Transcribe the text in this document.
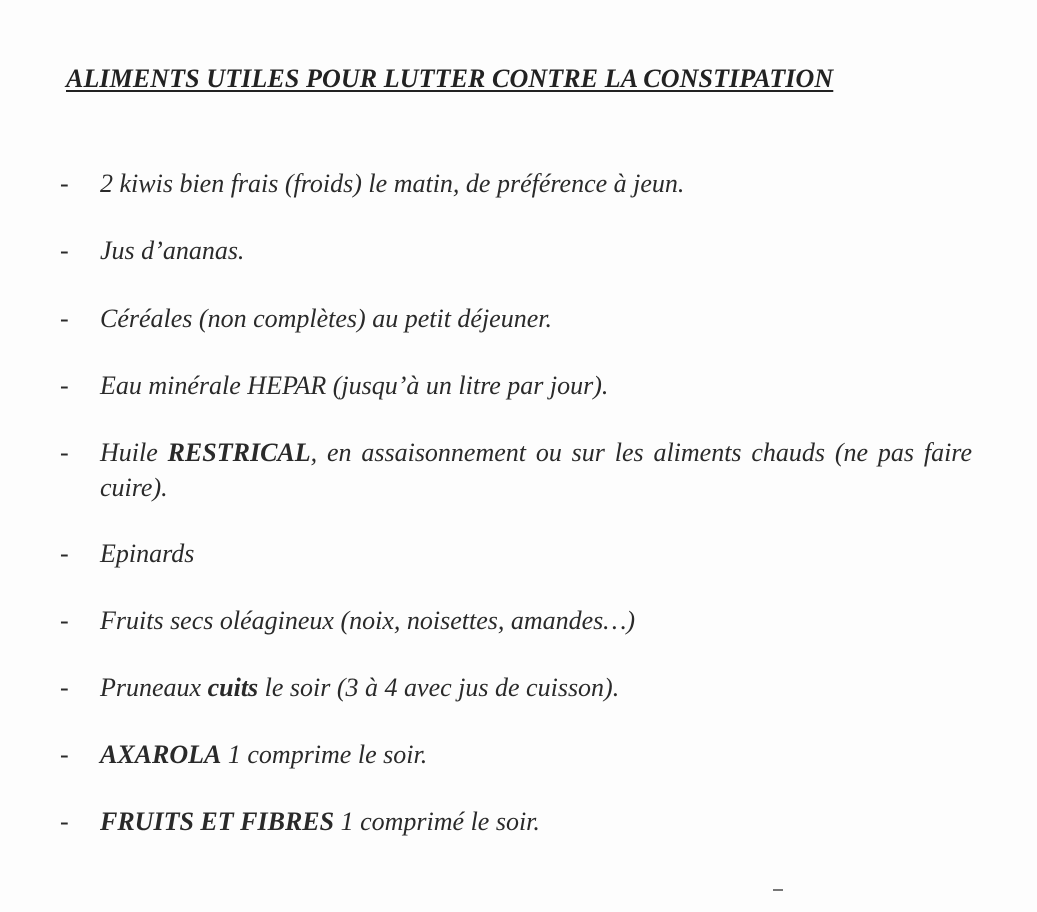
ALIMENTS UTILES POUR LUTTER CONTRE LA CONSTIPATION
- 2 kiwis bien frais (froids) le matin, de préférence à jeun.
- Jus d’ananas.
- Céréales (non complètes) au petit déjeuner.
- Eau minérale HEPAR (jusqu’à un litre par jour).
- Huile RESTRICAL, en assaisonnement ou sur les aliments chauds (ne pas faire cuire).
- Epinards
- Fruits secs oléagineux (noix, noisettes, amandes…)
- Pruneaux cuits le soir (3 à 4 avec jus de cuisson).
- AXAROLA 1 comprime le soir.
- FRUITS ET FIBRES 1 comprimé le soir.
